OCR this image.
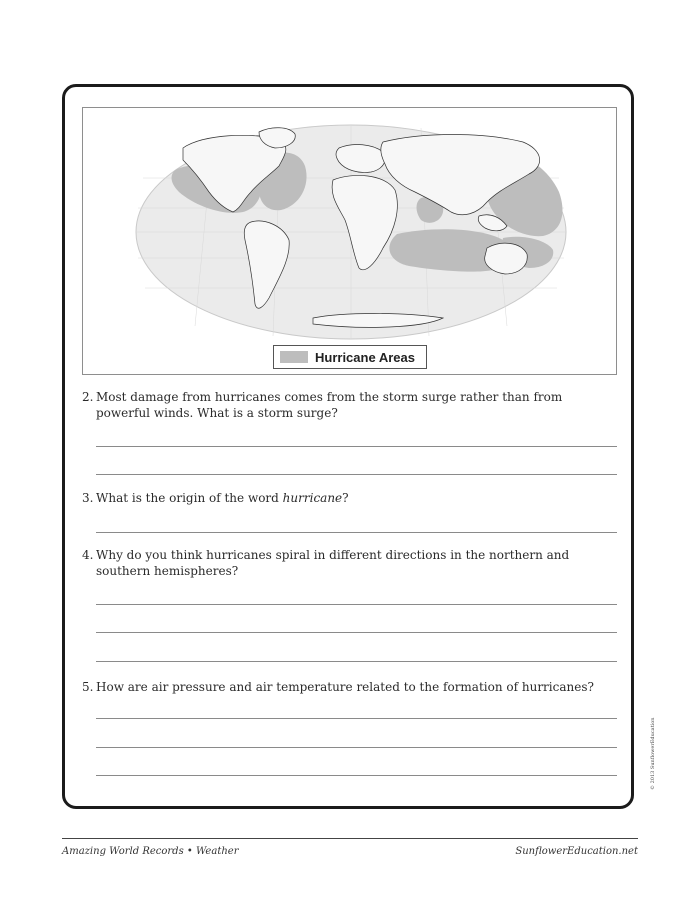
Hurricane Areas
2. Most damage from hurricanes comes from the storm surge rather than from powerful winds. What is a storm surge?
3. What is the origin of the word hurricane?
4. Why do you think hurricanes spiral in different directions in the northern and southern hemispheres?
5. How are air pressure and air temperature related to the formation of hurricanes?
© 2013 SunflowerEducation
Amazing World Records • Weather	SunflowerEducation.net
